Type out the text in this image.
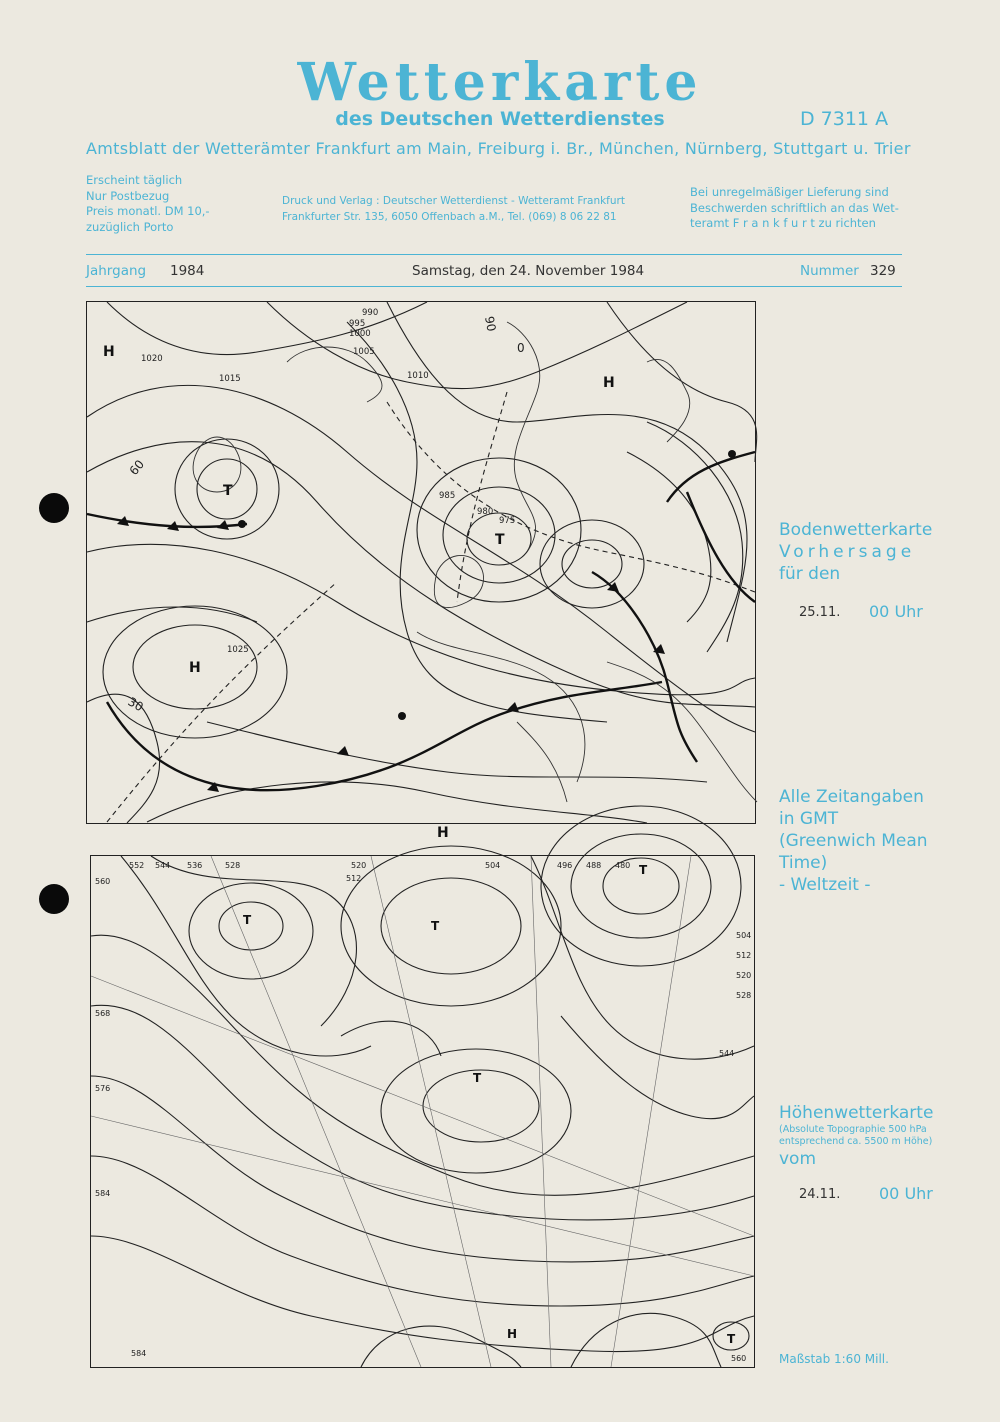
Wetterkarte
des Deutschen Wetterdienstes	D 7311 A
Amtsblatt der Wetterämter Frankfurt am Main, Freiburg i. Br., München, Nürnberg, Stuttgart u. Trier
Erscheint täglich
Nur Postbezug
Preis monatl. DM 10,-
zuzüglich Porto
Druck und Verlag : Deutscher Wetterdienst - Wetteramt Frankfurt
Frankfurter Str. 135, 6050 Offenbach a.M., Tel. (069) 8 06 22 81
Bei unregelmäßiger Lieferung sind
Beschwerden schriftlich an das Wet-
teramt F r a n k f u r t zu richten
Jahrgang 1984	Samstag, den 24. November 1984	Nummer 329
990
995
1000
1005
1010
1015
1020
1025
975
980
985
60
30
90
0
H
H
H
H
T
T
Bodenwetterkarte
Vorhersage
für den
25.11. 00 Uhr
Alle Zeitangaben
in GMT
(Greenwich Mean
Time)
- Weltzeit -
552 544 536	528	520
512
504	496 488 480
560
568
576
584
584
504
512
520
528
544
560
T	T
T
T
T
H
Höhenwetterkarte
(Absolute Topographie 500 hPa
entsprechend ca. 5500 m Höhe)
vom
24.11. 00 Uhr
Maßstab 1:60 Mill.
